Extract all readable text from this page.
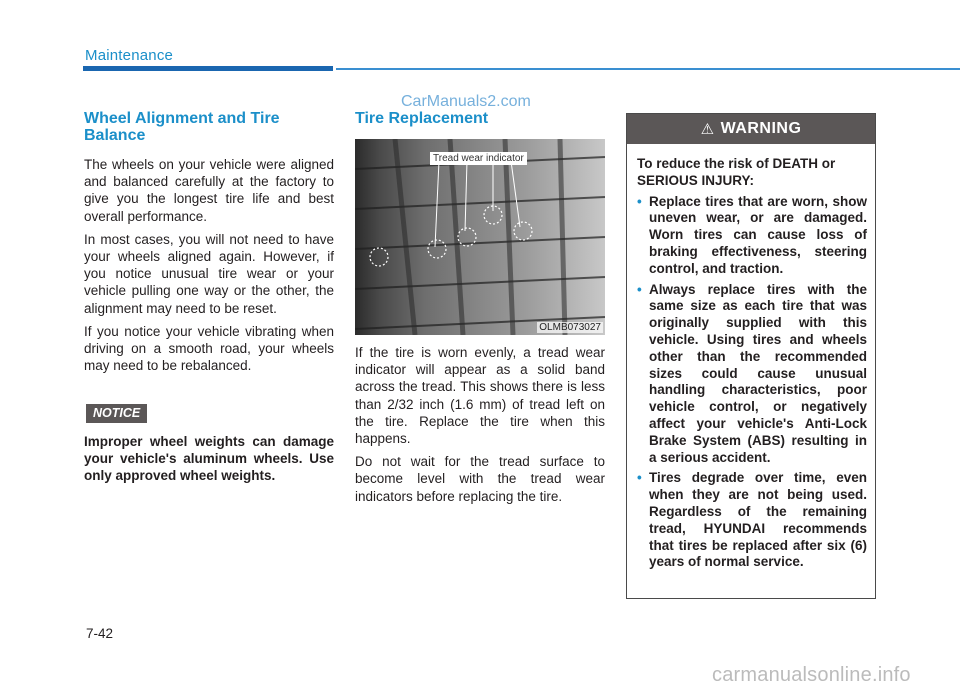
Maintenance
CarManuals2.com
Wheel Alignment and Tire Balance

The wheels on your vehicle were aligned and balanced carefully at the factory to give you the longest tire life and best overall performance.

In most cases, you will not need to have your wheels aligned again. However, if you notice unusual tire wear or your vehicle pulling one way or the other, the alignment may need to be reset.

If you notice your vehicle vibrating when driving on a smooth road, your wheels may need to be rebalanced.

NOTICE

Improper wheel weights can damage your vehicle's aluminum wheels. Use only approved wheel weights.

Tire Replacement
Tread wear indicator
OLMB073027

If the tire is worn evenly, a tread wear indicator will appear as a solid band across the tread. This shows there is less than 2/32 inch (1.6 mm) of tread left on the tire. Replace the tire when this happens.

Do not wait for the tread surface to become level with the tread wear indicators before replacing the tire.

⚠ WARNING

To reduce the risk of DEATH or SERIOUS INJURY:

• Replace tires that are worn, show uneven wear, or are damaged. Worn tires can cause loss of braking effectiveness, steering control, and traction.
• Always replace tires with the same size as each tire that was originally supplied with this vehicle. Using tires and wheels other than the recommended sizes could cause unusual handling characteristics, poor vehicle control, or negatively affect your vehicle's Anti-Lock Brake System (ABS) resulting in a serious accident.
• Tires degrade over time, even when they are not being used. Regardless of the remaining tread, HYUNDAI recommends that tires be replaced after six (6) years of normal service.
7-42
carmanualsonline.info
